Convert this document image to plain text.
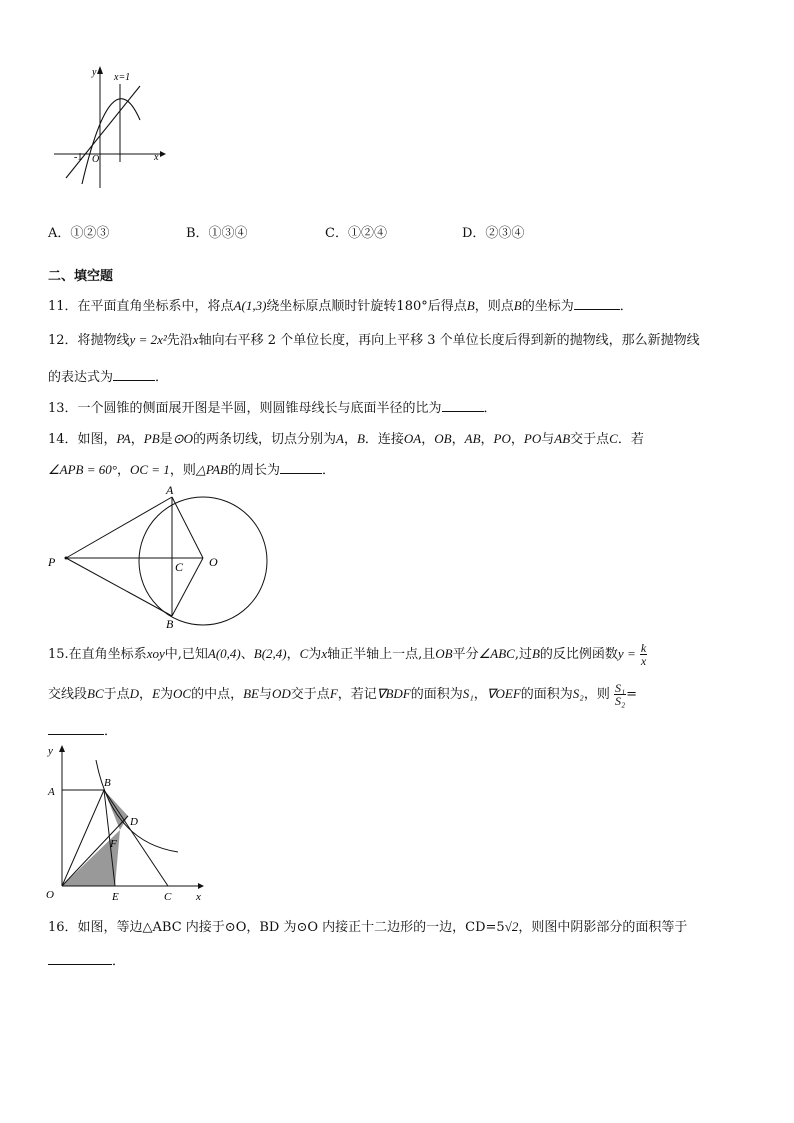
y x=1
-1 O	x
A．①②③	B．①③④	C．①②④	D．②③④
二、填空题
11．在平面直角坐标系中，将点A(1,3)绕坐标原点顺时针旋转180°后得点B，则点B的坐标为	．
12．将抛物线y = 2x²先沿x轴向右平移 2 个单位长度，再向上平移 3 个单位长度后得到新的抛物线，那么新抛物线
的表达式为	．
13．一个圆锥的侧面展开图是半圆，则圆锥母线长与底面半径的比为	．
14．如图，PA，PB是⊙O的两条切线，切点分别为A，B．连接OA，OB，AB，PO，PO与AB交于点C．若
∠APB = 60°，OC = 1，则△PAB的周长为	．
A
B
C O
P
15.在直角坐标系xoy中,已知A(0,4)、B(2,4)，C为x轴正半轴上一点,且OB平分∠ABC,过B的反比例函数$y = \frac{k}{x}$
交线段BC于点D，E为OC的中点，BE与OD交于点F，若记∇BDF的面积为S₁，∇OEF的面积为S₂，则 $\frac{\text{S₁}}{\text{S₂}}$ =
．
y
A
B
D
F
O	E	C x
16．如图，等边△ABC 内接于⊙O，BD 为⊙O 内接正十二边形的一边，CD=5√2，则图中阴影部分的面积等于
．
